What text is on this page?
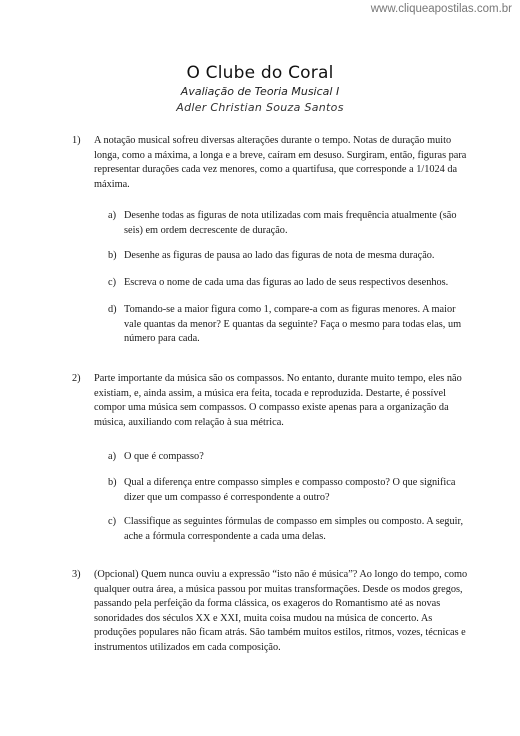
www.cliqueapostilas.com.br
O Clube do Coral
Avaliação de Teoria Musical I
Adler Christian Souza Santos
1) A notação musical sofreu diversas alterações durante o tempo. Notas de duração muito longa, como a máxima, a longa e a breve, caíram em desuso. Surgiram, então, figuras para representar durações cada vez menores, como a quartifusa, que corresponde a 1/1024 da máxima.
a) Desenhe todas as figuras de nota utilizadas com mais frequência atualmente (são seis) em ordem decrescente de duração.
b) Desenhe as figuras de pausa ao lado das figuras de nota de mesma duração.
c) Escreva o nome de cada uma das figuras ao lado de seus respectivos desenhos.
d) Tomando-se a maior figura como 1, compare-a com as figuras menores. A maior vale quantas da menor? E quantas da seguinte? Faça o mesmo para todas elas, um número para cada.
2) Parte importante da música são os compassos. No entanto, durante muito tempo, eles não existiam, e, ainda assim, a música era feita, tocada e reproduzida. Destarte, é possível compor uma música sem compassos. O compasso existe apenas para a organização da música, auxiliando com relação à sua métrica.
a) O que é compasso?
b) Qual a diferença entre compasso simples e compasso composto? O que significa dizer que um compasso é correspondente a outro?
c) Classifique as seguintes fórmulas de compasso em simples ou composto. A seguir, ache a fórmula correspondente a cada uma delas.
3) (Opcional) Quem nunca ouviu a expressão “isto não é música”? Ao longo do tempo, como qualquer outra área, a música passou por muitas transformações. Desde os modos gregos, passando pela perfeição da forma clássica, os exageros do Romantismo até as novas sonoridades dos séculos XX e XXI, muita coisa mudou na música de concerto. As produções populares não ficam atrás. São também muitos estilos, ritmos, vozes, técnicas e instrumentos utilizados em cada composição.
